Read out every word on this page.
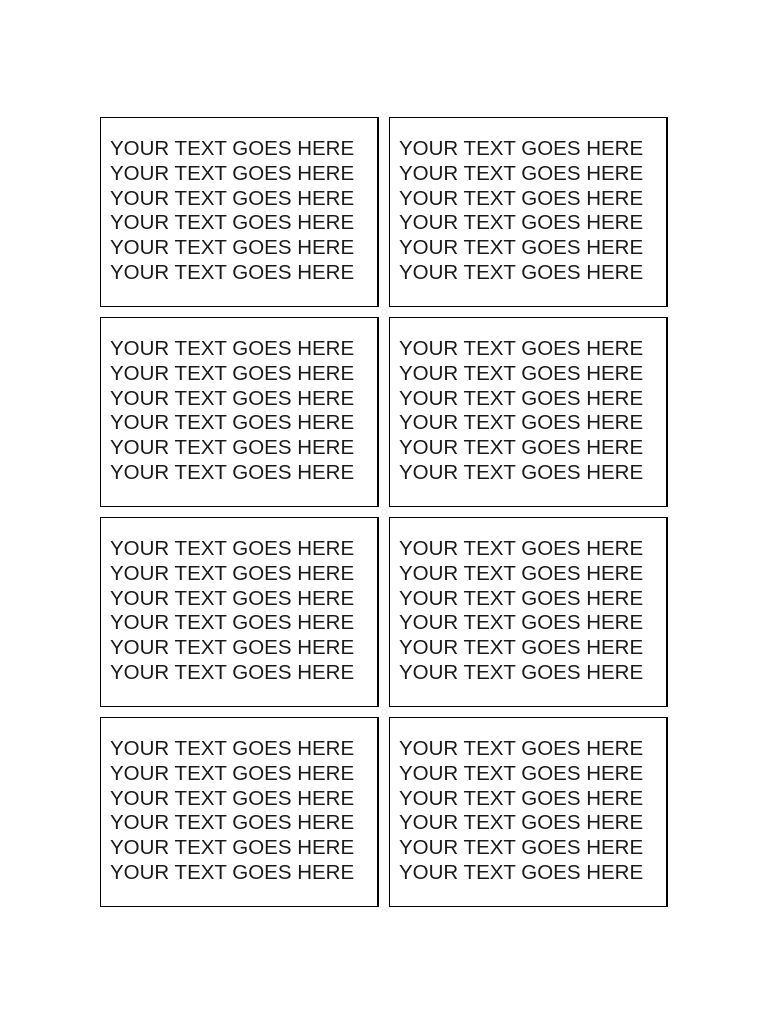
YOUR TEXT GOES HERE
YOUR TEXT GOES HERE
YOUR TEXT GOES HERE
YOUR TEXT GOES HERE
YOUR TEXT GOES HERE
YOUR TEXT GOES HERE
YOUR TEXT GOES HERE
YOUR TEXT GOES HERE
YOUR TEXT GOES HERE
YOUR TEXT GOES HERE
YOUR TEXT GOES HERE
YOUR TEXT GOES HERE
YOUR TEXT GOES HERE
YOUR TEXT GOES HERE
YOUR TEXT GOES HERE
YOUR TEXT GOES HERE
YOUR TEXT GOES HERE
YOUR TEXT GOES HERE
YOUR TEXT GOES HERE
YOUR TEXT GOES HERE
YOUR TEXT GOES HERE
YOUR TEXT GOES HERE
YOUR TEXT GOES HERE
YOUR TEXT GOES HERE
YOUR TEXT GOES HERE
YOUR TEXT GOES HERE
YOUR TEXT GOES HERE
YOUR TEXT GOES HERE
YOUR TEXT GOES HERE
YOUR TEXT GOES HERE
YOUR TEXT GOES HERE
YOUR TEXT GOES HERE
YOUR TEXT GOES HERE
YOUR TEXT GOES HERE
YOUR TEXT GOES HERE
YOUR TEXT GOES HERE
YOUR TEXT GOES HERE
YOUR TEXT GOES HERE
YOUR TEXT GOES HERE
YOUR TEXT GOES HERE
YOUR TEXT GOES HERE
YOUR TEXT GOES HERE
YOUR TEXT GOES HERE
YOUR TEXT GOES HERE
YOUR TEXT GOES HERE
YOUR TEXT GOES HERE
YOUR TEXT GOES HERE
YOUR TEXT GOES HERE
